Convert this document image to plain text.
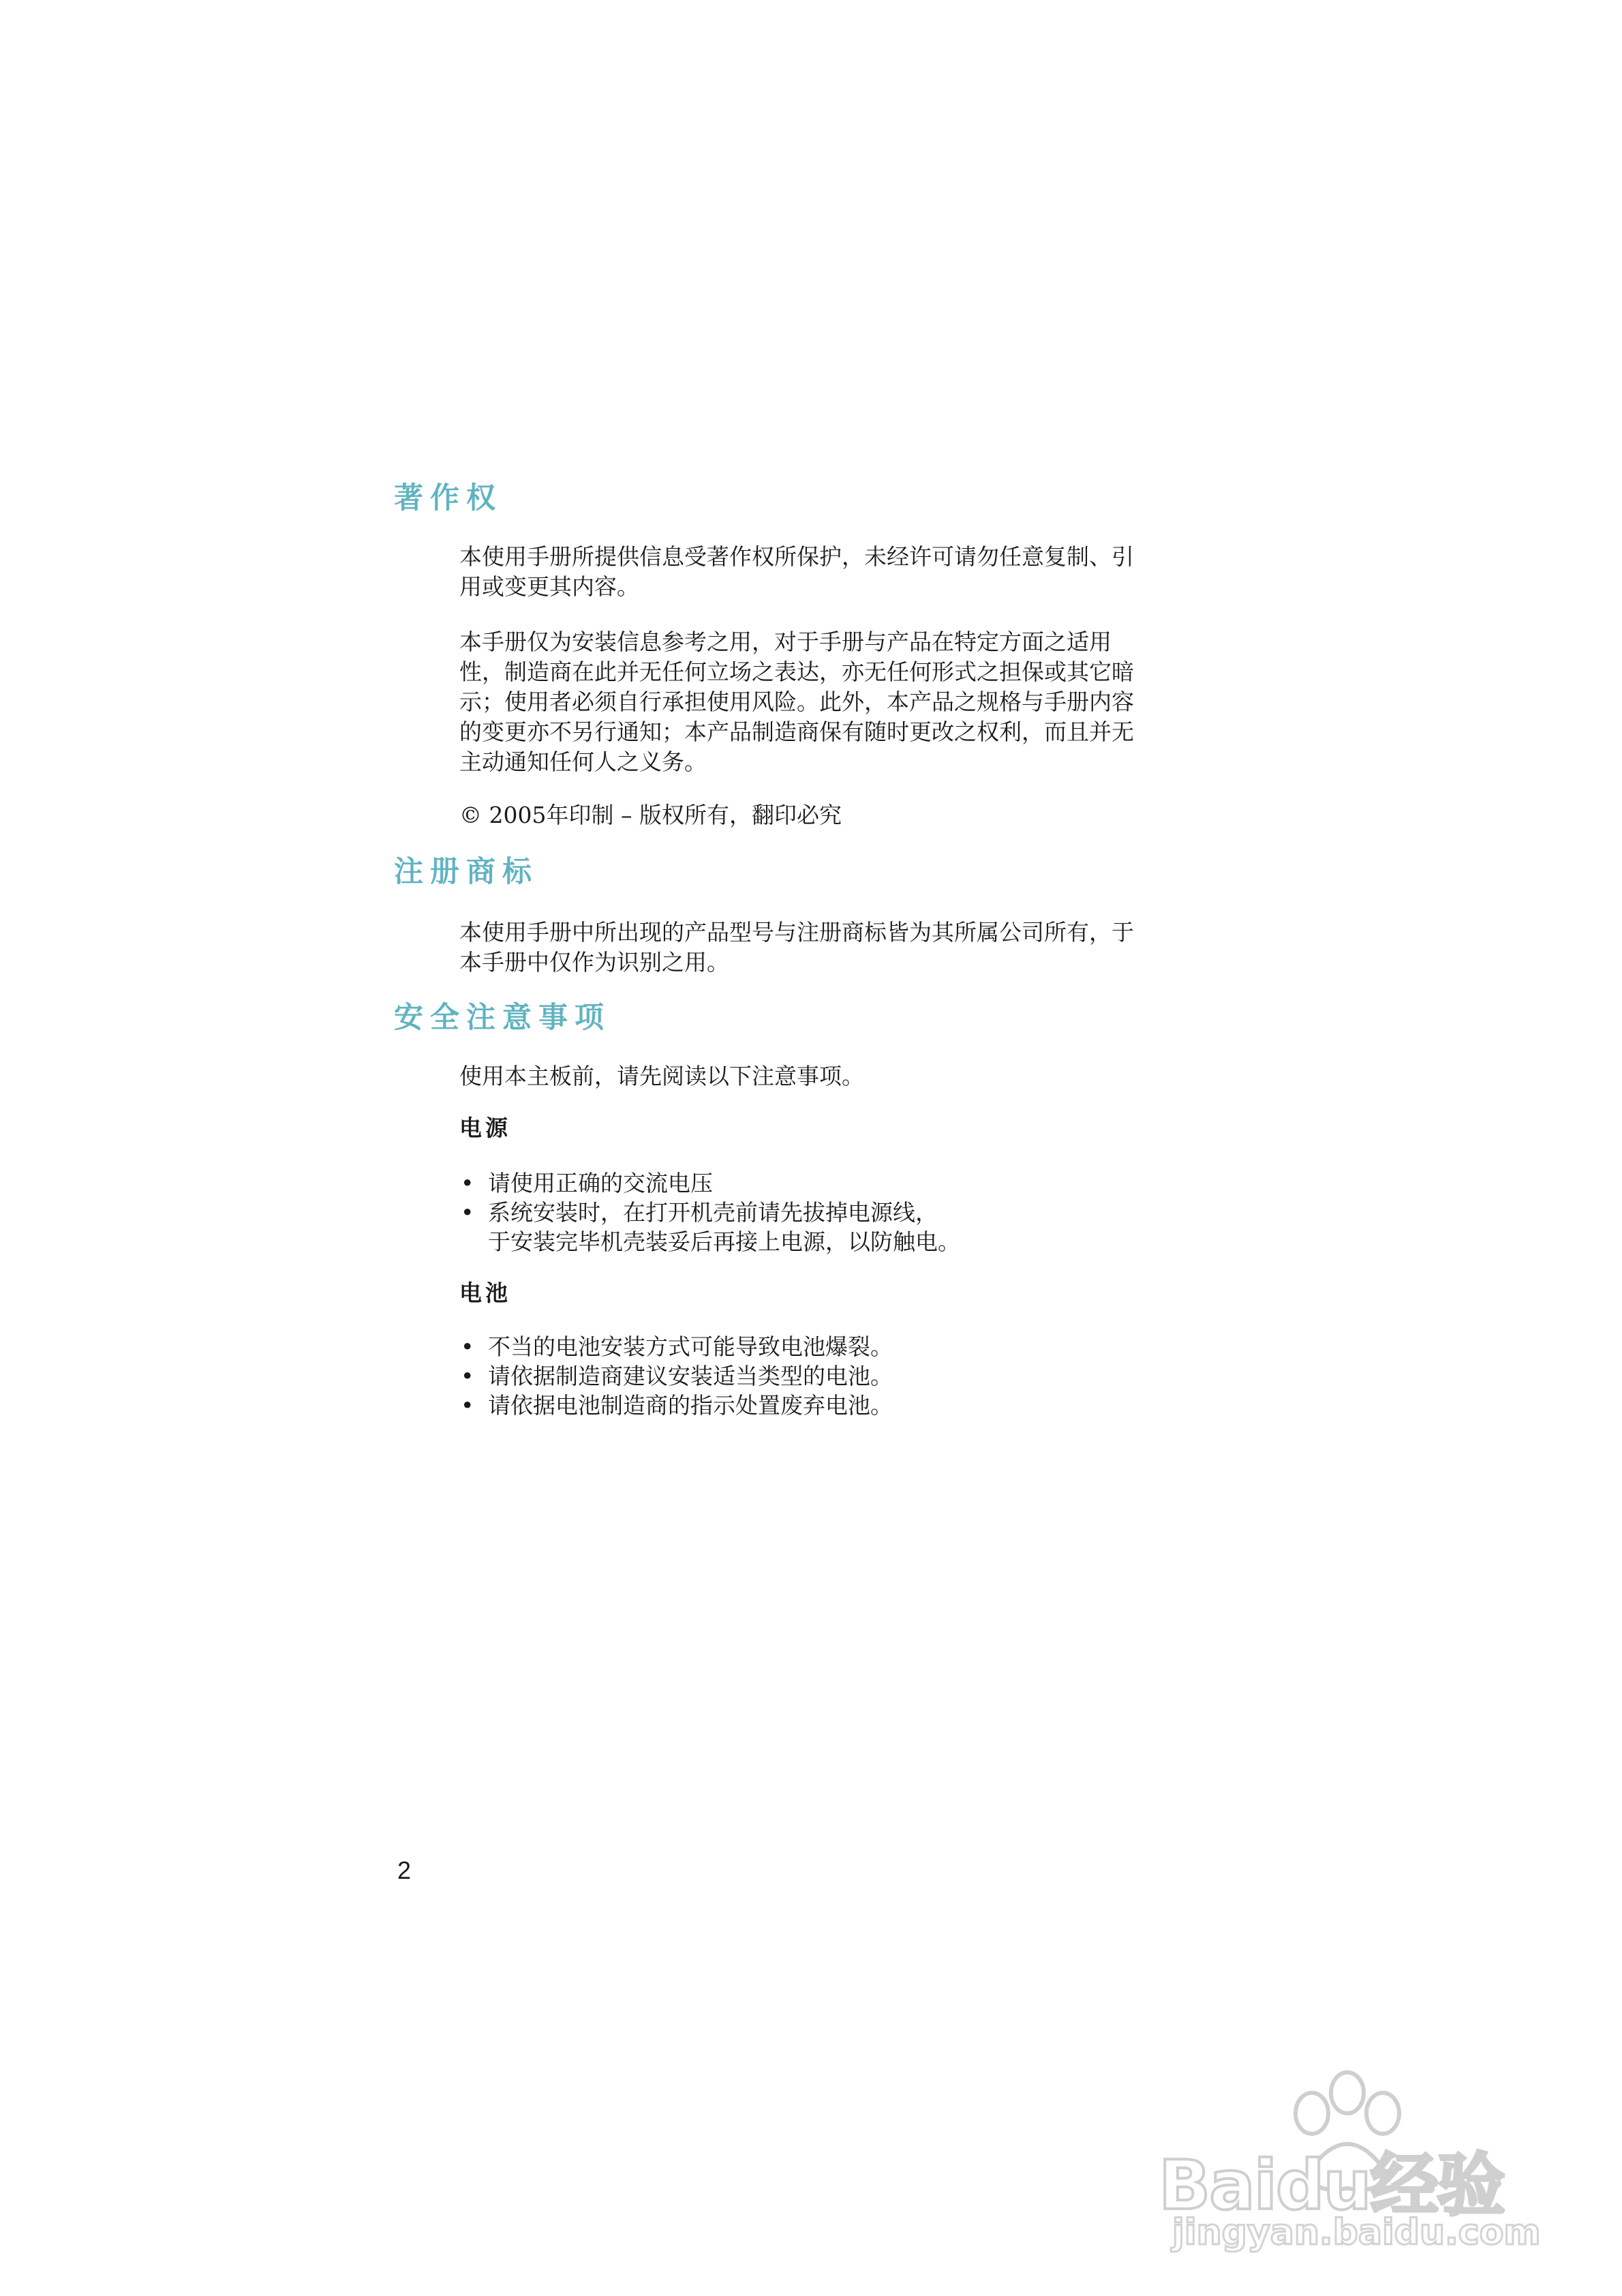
著作权

本使用手册所提供信息受著作权所保护，未经许可请勿任意复制、引
用或变更其内容。

本手册仅为安装信息参考之用，对于手册与产品在特定方面之适用
性，制造商在此并无任何立场之表达，亦无任何形式之担保或其它暗
示；使用者必须自行承担使用风险。此外，本产品之规格与手册内容
的变更亦不另行通知；本产品制造商保有随时更改之权利，而且并无
主动通知任何人之义务。

© 2005年印制 – 版权所有，翻印必究

注册商标

本使用手册中所出现的产品型号与注册商标皆为其所属公司所有，于
本手册中仅作为识别之用。

安全注意事项

使用本主板前，请先阅读以下注意事项。

电源
• 请使用正确的交流电压
• 系统安装时，在打开机壳前请先拔掉电源线，
于安装完毕机壳装妥后再接上电源，以防触电。
电池
• 不当的电池安装方式可能导致电池爆裂。
• 请依据制造商建议安装适当类型的电池。
• 请依据电池制造商的指示处置废弃电池。
2
Baidu经验
jingyan.baidu.com
